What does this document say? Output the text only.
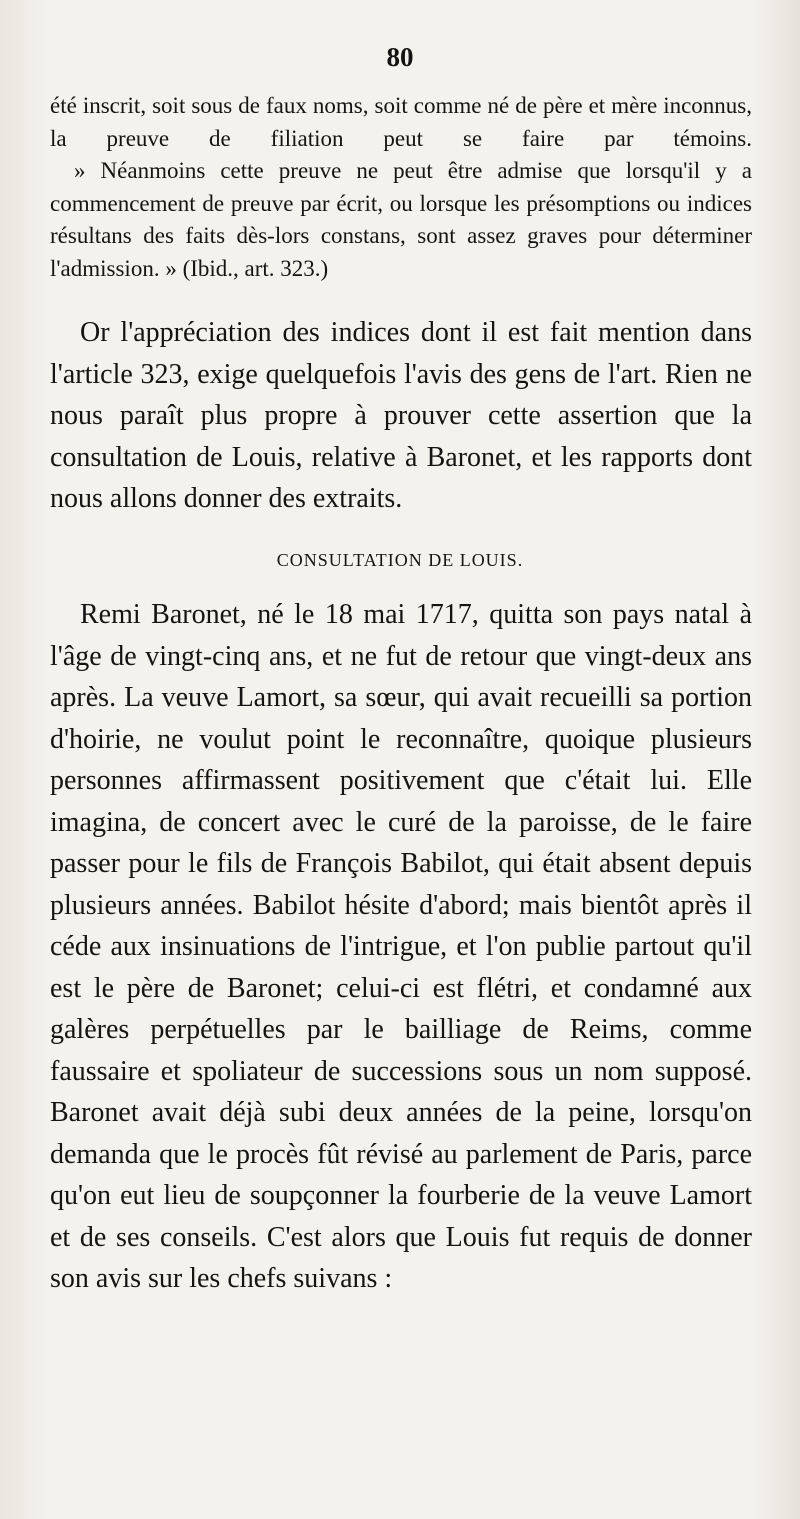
80

été inscrit, soit sous de faux noms, soit comme né de père et mère inconnus, la preuve de filiation peut se faire par témoins.

» Néanmoins cette preuve ne peut être admise que lorsqu'il y a commencement de preuve par écrit, ou lorsque les présomptions ou indices résultans des faits dès-lors constans, sont assez graves pour déterminer l'admission. » (Ibid., art. 323.)

Or l'appréciation des indices dont il est fait mention dans l'article 323, exige quelquefois l'avis des gens de l'art. Rien ne nous paraît plus propre à prouver cette assertion que la consultation de Louis, relative à Baronet, et les rapports dont nous allons donner des extraits.

CONSULTATION DE LOUIS.

Remi Baronet, né le 18 mai 1717, quitta son pays natal à l'âge de vingt-cinq ans, et ne fut de retour que vingt-deux ans après. La veuve Lamort, sa sœur, qui avait recueilli sa portion d'hoirie, ne voulut point le reconnaître, quoique plusieurs personnes affirmassent positivement que c'était lui. Elle imagina, de concert avec le curé de la paroisse, de le faire passer pour le fils de François Babilot, qui était absent depuis plusieurs années. Babilot hésite d'abord; mais bientôt après il céde aux insinuations de l'intrigue, et l'on publie partout qu'il est le père de Baronet; celui-ci est flétri, et condamné aux galères perpétuelles par le bailliage de Reims, comme faussaire et spoliateur de successions sous un nom supposé. Baronet avait déjà subi deux années de la peine, lorsqu'on demanda que le procès fût révisé au parlement de Paris, parce qu'on eut lieu de soupçonner la fourberie de la veuve Lamort et de ses conseils. C'est alors que Louis fut requis de donner son avis sur les chefs suivans :
